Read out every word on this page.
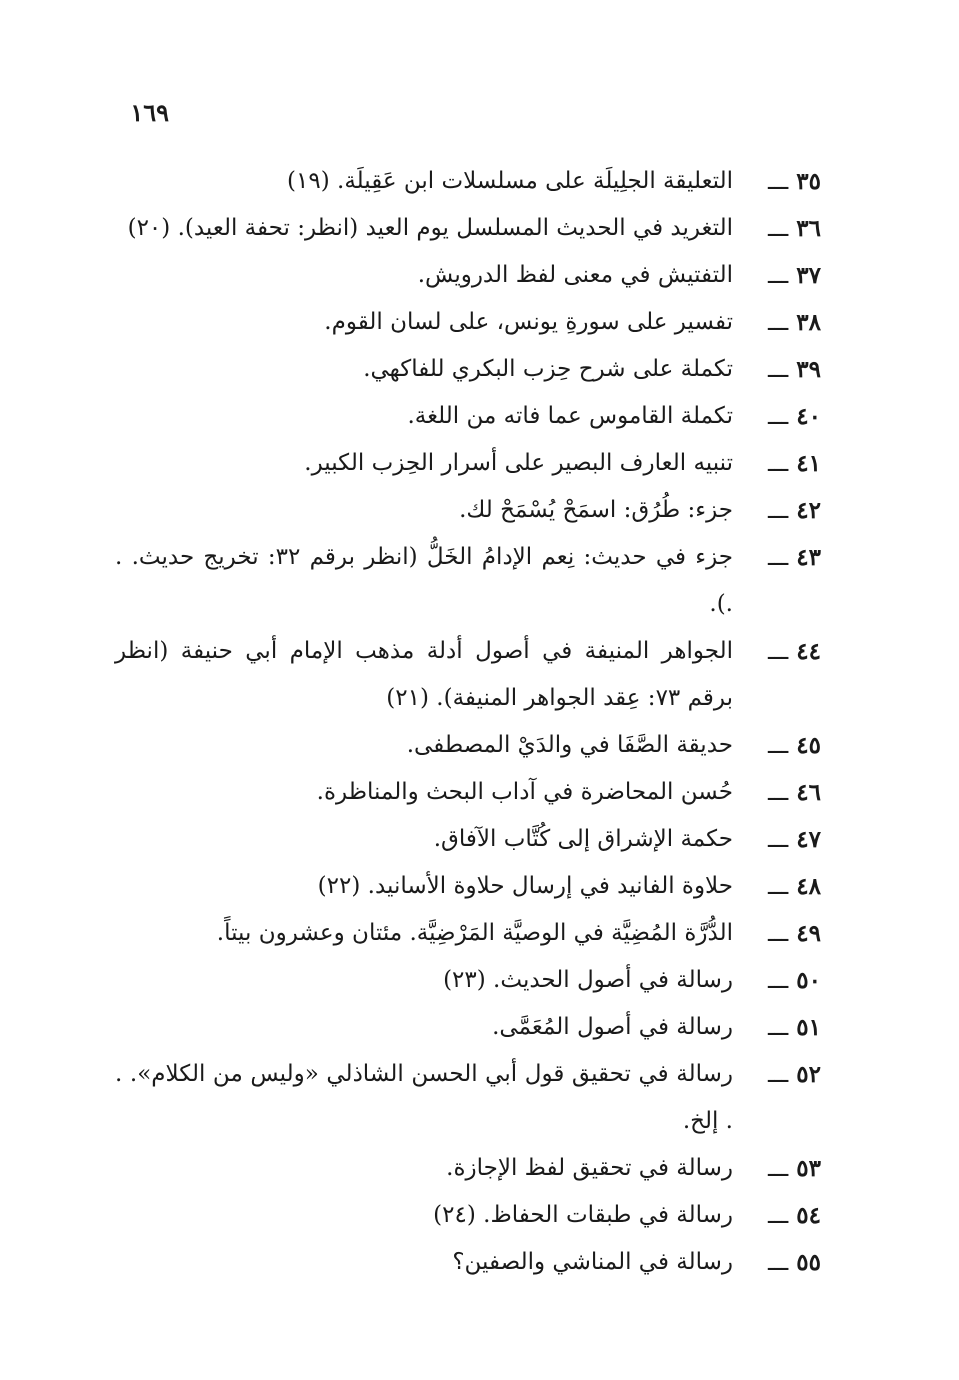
١٦٩
٣٥ ـــ
التعليقة الجلِيلَة على مسلسلات ابن عَقِيلَة. (١٩)
٣٦ ـــ
التغريد في الحديث المسلسل يوم العيد (انظر: تحفة العيد). (٢٠)
٣٧ ـــ
التفتيش في معنى لفظ الدرويش.
٣٨ ـــ
تفسير على سورةِ يونس، على لسان القوم.
٣٩ ـــ
تكملة على شرح حِزب البكري للفاكهي.
٤٠ ـــ
تكملة القاموس عما فاته من اللغة.
٤١ ـــ
تنبيه العارف البصير على أسرار الحِزب الكبير.
٤٢ ـــ
جزء: طُرُق: اسمَحْ يُسْمَحْ لك.
٤٣ ـــ
جزء في حديث: نِعم الإدامُ الخَلُّ (انظر برقم ٣٢: تخريج حديث. . .).
٤٤ ـــ
الجواهر المنيفة في أصول أدلة مذهب الإمام أبي حنيفة (انظر برقم ٧٣: عِقد الجواهر المنيفة). (٢١)
٤٥ ـــ
حديقة الصَّفَا في والدَيْ المصطفى.
٤٦ ـــ
حُسن المحاضرة في آداب البحث والمناظرة.
٤٧ ـــ
حكمة الإشراق إلى كُتَّاب الآفاق.
٤٨ ـــ
حلاوة الفانيد في إرسال حلاوة الأسانيد. (٢٢)
٤٩ ـــ
الدُّرَّة المُضِيَّة في الوصيَّة المَرْضِيَّة. مئتان وعشرون بيتاً.
٥٠ ـــ
رسالة في أصول الحديث. (٢٣)
٥١ ـــ
رسالة في أصول المُعَمَّى.
٥٢ ـــ
رسالة في تحقيق قول أبي الحسن الشاذلي «وليس من الكلام». . . إلخ.
٥٣ ـــ
رسالة في تحقيق لفظ الإجازة.
٥٤ ـــ
رسالة في طبقات الحفاظ. (٢٤)
٥٥ ـــ
رسالة في المناشي والصفين؟
